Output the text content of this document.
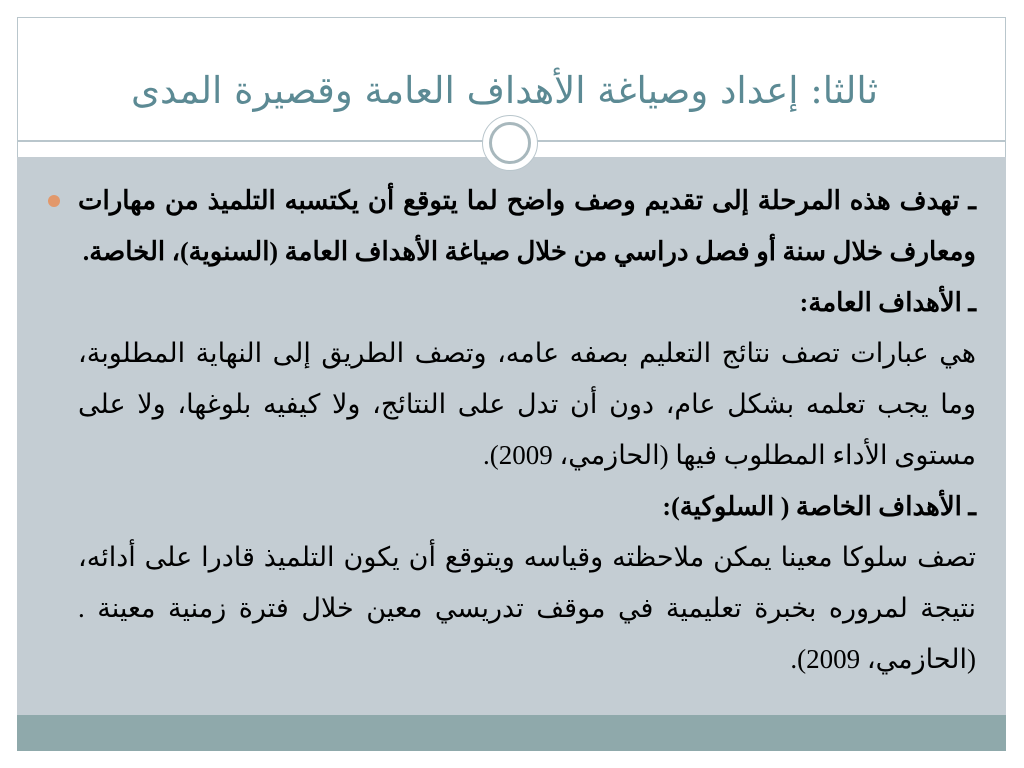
ثالثا: إعداد وصياغة الأهداف العامة وقصيرة المدى

ـ تهدف هذه المرحلة إلى تقديم وصف واضح لما يتوقع أن يكتسبه التلميذ من مهارات ومعارف خلال سنة أو فصل دراسي من خلال صياغة الأهداف العامة (السنوية)، الخاصة.

ـ الأهداف العامة:

هي عبارات تصف نتائج التعليم بصفه عامه، وتصف الطريق إلى النهاية المطلوبة، وما يجب تعلمه بشكل عام، دون أن تدل على النتائج، ولا كيفيه بلوغها، ولا على مستوى الأداء المطلوب فيها (الحازمي، 2009).

ـ الأهداف الخاصة ( السلوكية):

تصف سلوكا معينا يمكن ملاحظته وقياسه ويتوقع أن يكون التلميذ قادرا على أدائه، نتيجة لمروره بخبرة تعليمية في موقف تدريسي معين خلال فترة زمنية معينة . (الحازمي، 2009).
